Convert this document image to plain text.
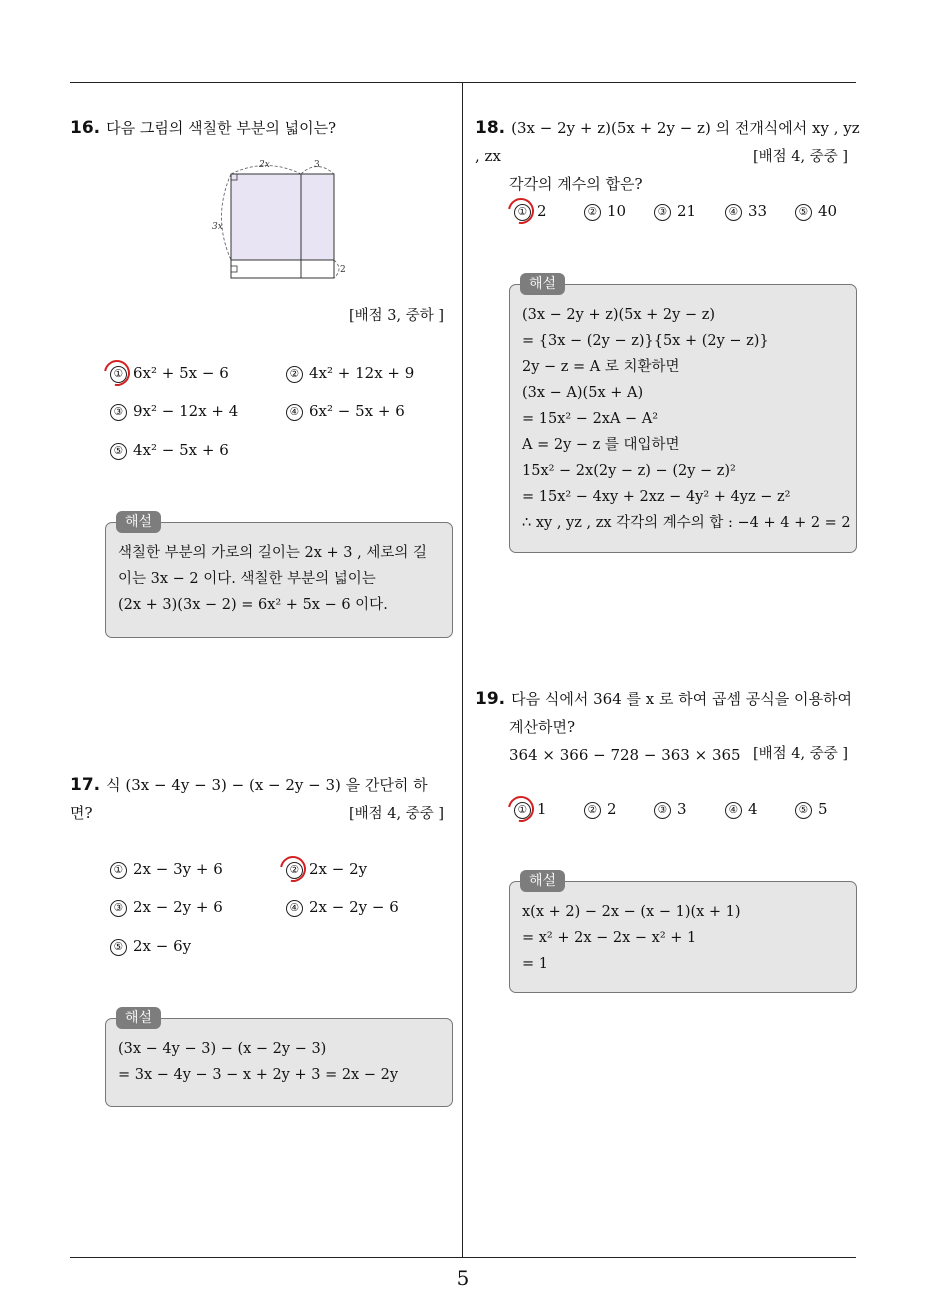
5
16. 다음 그림의 색칠한 부분의 넓이는?
2x	3
3x
2
[배점 3, 중하 ]
① 6x² + 5x − 6	② 4x² + 12x + 9
③ 9x² − 12x + 4	④ 6x² − 5x + 6
⑤ 4x² − 5x + 6
해설
색칠한 부분의 가로의 길이는 2x + 3 , 세로의 길
이는 3x − 2 이다. 색칠한 부분의 넓이는
(2x + 3)(3x − 2) = 6x² + 5x − 6 이다.
17. 식 (3x − 4y − 3) − (x − 2y − 3) 을 간단히 하면?	[배점 4, 중중 ]
① 2x − 3y + 6	② 2x − 2y
③ 2x − 2y + 6	④ 2x − 2y − 6
⑤ 2x − 6y
해설
(3x − 4y − 3) − (x − 2y − 3)
= 3x − 4y − 3 − x + 2y + 3 = 2x − 2y
18. (3x − 2y + z)(5x + 2y − z) 의 전개식에서 xy , yz , zx
각각의 계수의 합은?
[배점 4, 중중 ]
① 2	② 10	③ 21	④ 33	⑤ 40
해설
(3x − 2y + z)(5x + 2y − z)
= {3x − (2y − z)}{5x + (2y − z)}
2y − z = A 로 치환하면
(3x − A)(5x + A)
= 15x² − 2xA − A²
A = 2y − z 를 대입하면
15x² − 2x(2y − z) − (2y − z)²
= 15x² − 4xy + 2xz − 4y² + 4yz − z²
∴ xy , yz , zx 각각의 계수의 합 : −4 + 4 + 2 = 2
19. 다음 식에서 364 를 x 로 하여 곱셈 공식을 이용하여
계산하면?
364 × 366 − 728 − 363 × 365 [배점 4, 중중 ]
① 1	② 2	③ 3	④ 4	⑤ 5
해설
x(x + 2) − 2x − (x − 1)(x + 1)
= x² + 2x − 2x − x² + 1
= 1
